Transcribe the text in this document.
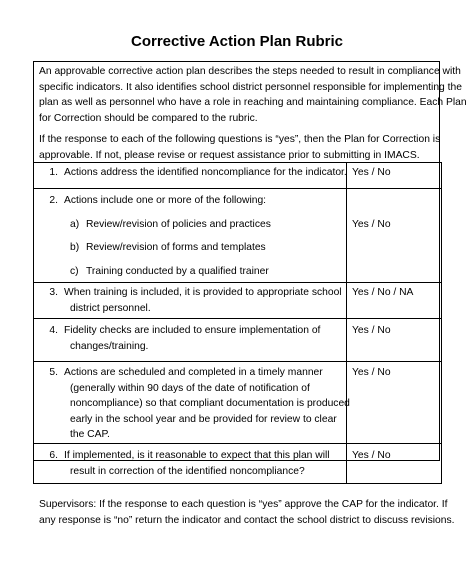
Corrective Action Plan Rubric

An approvable corrective action plan describes the steps needed to result in compliance with

specific indicators. It also identifies school district personnel responsible for implementing the

plan as well as personnel who have a role in reaching and maintaining compliance. Each Plan

for Correction should be compared to the rubric.

If the response to each of the following questions is “yes”, then the Plan for Correction is

approvable. If not, please revise or request assistance prior to submitting in IMACS.

1. Actions address the identified noncompliance for the indicator.	Yes / No

2. Actions include one or more of the following:
a) Review/revision of policies and practices
b) Review/revision of forms and templates
c) Training conducted by a qualified trainer	Yes / No

3. When training is included, it is provided to appropriate school
district personnel.	Yes / No / NA

4. Fidelity checks are included to ensure implementation of
changes/training.	Yes / No

5. Actions are scheduled and completed in a timely manner
(generally within 90 days of the date of notification of
noncompliance) so that compliant documentation is produced
early in the school year and be provided for review to clear
the CAP.	Yes / No

6. If implemented, is it reasonable to expect that this plan will
result in correction of the identified noncompliance?	Yes / No

Supervisors: If the response to each question is “yes” approve the CAP for the indicator. If

any response is “no” return the indicator and contact the school district to discuss revisions.
